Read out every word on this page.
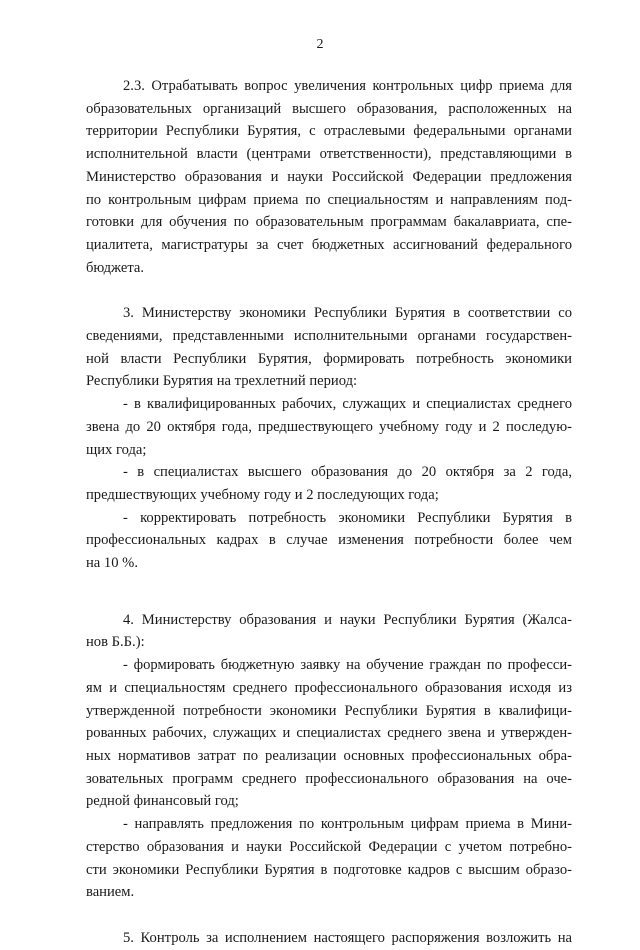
2
2.3. Отрабатывать вопрос увеличения контрольных цифр приема для
образовательных организаций высшего образования, расположенных на
территории Республики Бурятия, с отраслевыми федеральными органами
исполнительной власти (центрами ответственности), представляющими в
Министерство образования и науки Российской Федерации предложения
по контрольным цифрам приема по специальностям и направлениям под-
готовки для обучения по образовательным программам бакалавриата, спе-
циалитета, магистратуры за счет бюджетных ассигнований федерального
бюджета.
3. Министерству экономики Республики Бурятия в соответствии со
сведениями, представленными исполнительными органами государствен-
ной власти Республики Бурятия, формировать потребность экономики
Республики Бурятия на трехлетний период:
- в квалифицированных рабочих, служащих и специалистах среднего
звена до 20 октября года, предшествующего учебному году и 2 последую-
щих года;
- в специалистах высшего образования до 20 октября за 2 года,
предшествующих учебному году и 2 последующих года;
- корректировать потребность экономики Республики Бурятия в
профессиональных кадрах в случае изменения потребности более чем
на 10 %.
4. Министерству образования и науки Республики Бурятия (Жалса-
нов Б.Б.):
- формировать бюджетную заявку на обучение граждан по професси-
ям и специальностям среднего профессионального образования исходя из
утвержденной потребности экономики Республики Бурятия в квалифици-
рованных рабочих, служащих и специалистах среднего звена и утвержден-
ных нормативов затрат по реализации основных профессиональных обра-
зовательных программ среднего профессионального образования на оче-
редной финансовый год;
- направлять предложения по контрольным цифрам приема в Мини-
стерство образования и науки Российской Федерации с учетом потребно-
сти экономики Республики Бурятия в подготовке кадров с высшим образо-
ванием.
5. Контроль за исполнением настоящего распоряжения возложить на
